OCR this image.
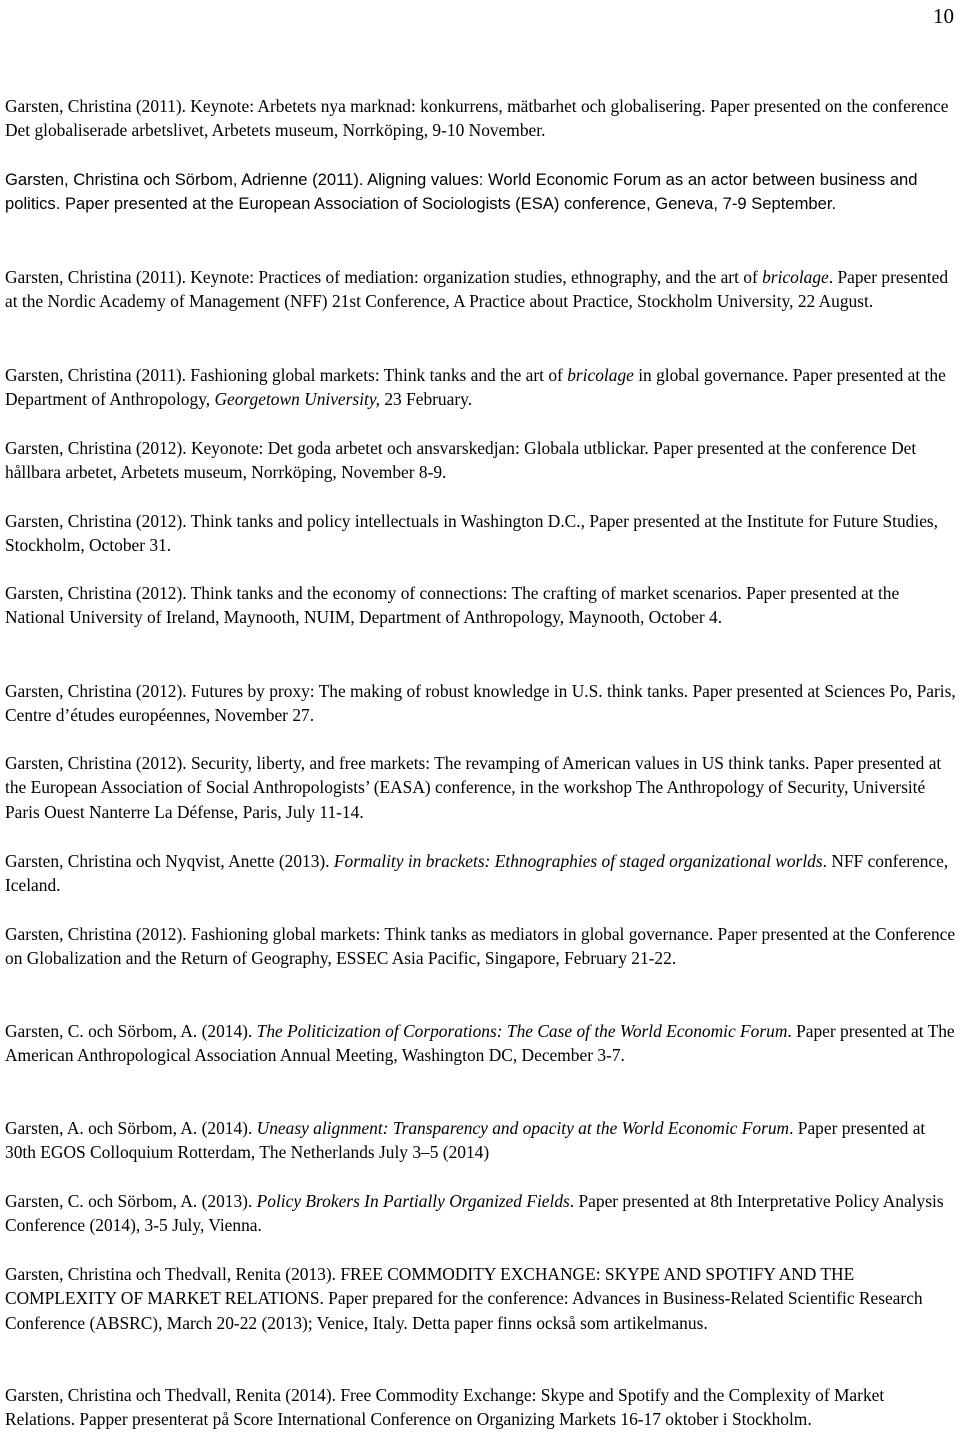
10
Garsten, Christina (2011). Keynote: Arbetets nya marknad: konkurrens, mätbarhet och globalisering. Paper presented on the conference Det globaliserade arbetslivet, Arbetets museum, Norrköping, 9-10 November.
Garsten, Christina och Sörbom, Adrienne (2011). Aligning values: World Economic Forum as an actor between business and politics. Paper presented at the European Association of Sociologists (ESA) conference, Geneva, 7-9 September.
Garsten, Christina (2011). Keynote: Practices of mediation: organization studies, ethnography, and the art of bricolage. Paper presented at the Nordic Academy of Management (NFF) 21st Conference, A Practice about Practice, Stockholm University, 22 August.
Garsten, Christina (2011). Fashioning global markets: Think tanks and the art of bricolage in global governance. Paper presented at the Department of Anthropology, Georgetown University, 23 February.
Garsten, Christina (2012). Keyonote: Det goda arbetet och ansvarskedjan: Globala utblickar. Paper presented at the conference Det hållbara arbetet, Arbetets museum, Norrköping, November 8-9.
Garsten, Christina (2012). Think tanks and policy intellectuals in Washington D.C., Paper presented at the Institute for Future Studies, Stockholm, October 31.
Garsten, Christina (2012). Think tanks and the economy of connections: The crafting of market scenarios. Paper presented at the National University of Ireland, Maynooth, NUIM, Department of Anthropology, Maynooth, October 4.
Garsten, Christina (2012). Futures by proxy: The making of robust knowledge in U.S. think tanks. Paper presented at Sciences Po, Paris, Centre d’études européennes, November 27.
Garsten, Christina (2012). Security, liberty, and free markets: The revamping of American values in US think tanks. Paper presented at the European Association of Social Anthropologists’ (EASA) conference, in the workshop The Anthropology of Security, Université Paris Ouest Nanterre La Défense, Paris, July 11-14.
Garsten, Christina och Nyqvist, Anette (2013). Formality in brackets: Ethnographies of staged organizational worlds. NFF conference, Iceland.
Garsten, Christina (2012). Fashioning global markets: Think tanks as mediators in global governance. Paper presented at the Conference on Globalization and the Return of Geography, ESSEC Asia Pacific, Singapore, February 21-22.
Garsten, C. och Sörbom, A. (2014). The Politicization of Corporations: The Case of the World Economic Forum. Paper presented at The American Anthropological Association Annual Meeting, Washington DC, December 3-7.
Garsten, A. och Sörbom, A. (2014). Uneasy alignment: Transparency and opacity at the World Economic Forum. Paper presented at 30th EGOS Colloquium Rotterdam, The Netherlands July 3–5 (2014)
Garsten, C. och Sörbom, A. (2013). Policy Brokers In Partially Organized Fields. Paper presented at 8th Interpretative Policy Analysis Conference (2014), 3-5 July, Vienna.
Garsten, Christina och Thedvall, Renita (2013). FREE COMMODITY EXCHANGE: SKYPE AND SPOTIFY AND THE COMPLEXITY OF MARKET RELATIONS. Paper prepared for the conference: Advances in Business-Related Scientific Research Conference (ABSRC), March 20-22 (2013); Venice, Italy. Detta paper finns också som artikelmanus.
Garsten, Christina och Thedvall, Renita (2014). Free Commodity Exchange: Skype and Spotify and the Complexity of Market Relations. Papper presenterat på Score International Conference on Organizing Markets 16-17 oktober i Stockholm.
